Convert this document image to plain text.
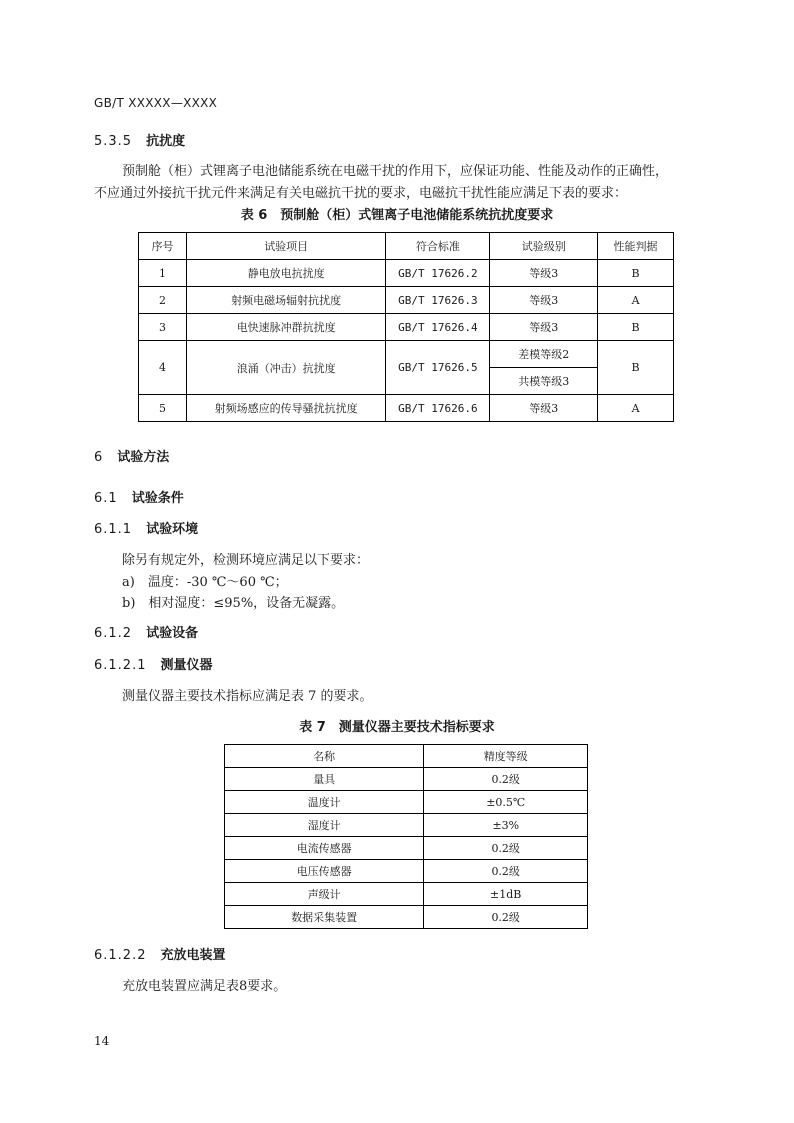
GB/T XXXXX—XXXX
5.3.5 抗扰度
预制舱（柜）式锂离子电池储能系统在电磁干扰的作用下，应保证功能、性能及动作的正确性，
不应通过外接抗干扰元件来满足有关电磁抗干扰的要求，电磁抗干扰性能应满足下表的要求：
表 6　预制舱（柜）式锂离子电池储能系统抗扰度要求
序号	试验项目	符合标准	试验级别	性能判据
1	静电放电抗扰度	GB/T 17626.2	等级3	B
2	射频电磁场辐射抗扰度	GB/T 17626.3	等级3	A
3	电快速脉冲群抗扰度	GB/T 17626.4	等级3	B
4	浪涌（冲击）抗扰度	GB/T 17626.5	差模等级2	B
			共模等级3	
5	射频场感应的传导骚扰抗扰度	GB/T 17626.6	等级3	A
6 试验方法
6.1 试验条件
6.1.1 试验环境
除另有规定外，检测环境应满足以下要求：
a)　温度：-30 ℃～60 ℃；
b)　相对湿度：≤95%，设备无凝露。
6.1.2 试验设备
6.1.2.1 测量仪器
测量仪器主要技术指标应满足表 7 的要求。
表 7　测量仪器主要技术指标要求
名称	精度等级
量具	0.2级
温度计	±0.5℃
湿度计	±3%
电流传感器	0.2级
电压传感器	0.2级
声级计	±1dB
数据采集装置	0.2级
6.1.2.2 充放电装置
充放电装置应满足表8要求。
14
